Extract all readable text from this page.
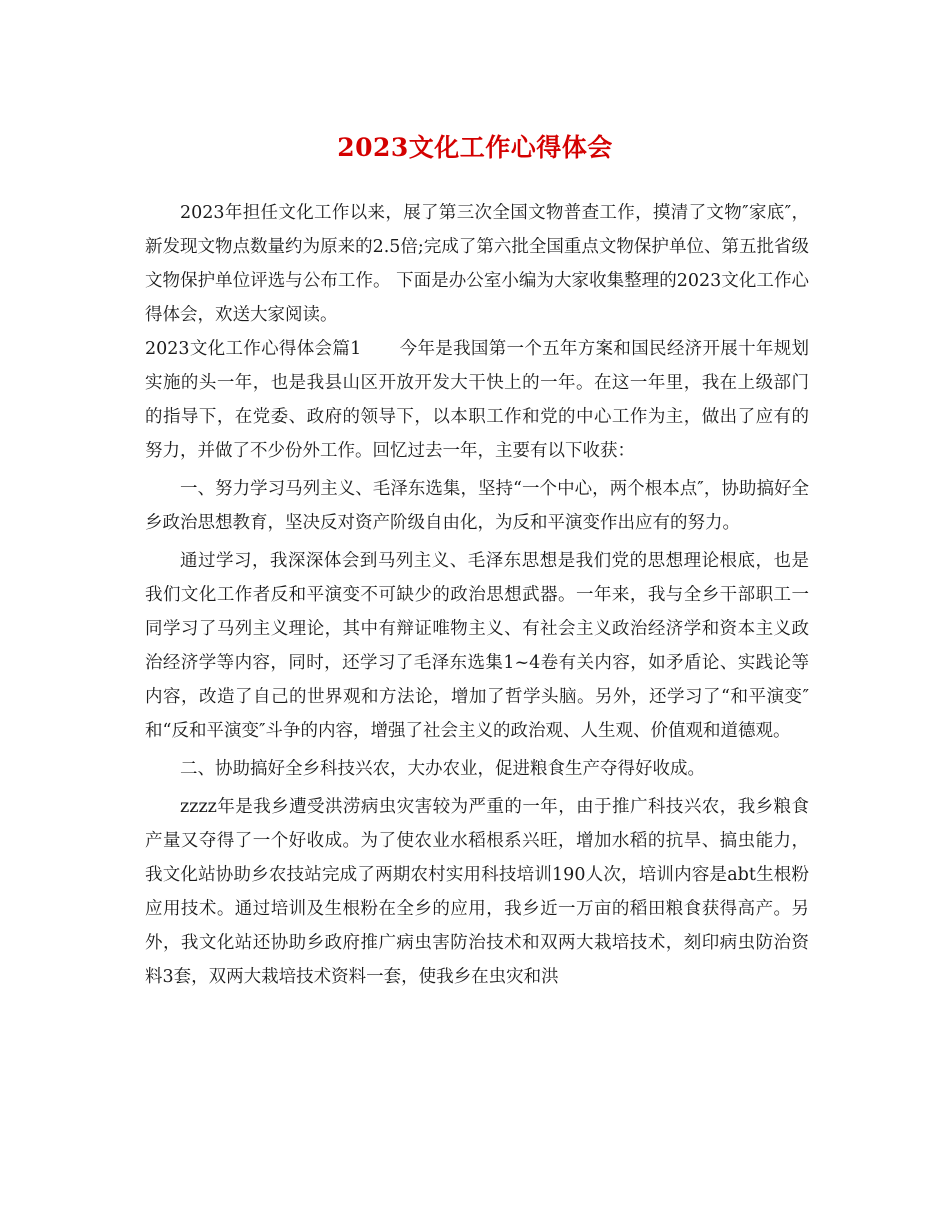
2023文化工作心得体会

2023年担任文化工作以来，展了第三次全国文物普查工作，摸清了文物″家底″，新发现文物点数量约为原来的2.5倍;完成了第六批全国重点文物保护单位、第五批省级文物保护单位评选与公布工作。 下面是办公室小编为大家收集整理的2023文化工作心得体会，欢送大家阅读。

2023文化工作心得体会篇1 今年是我国第一个五年方案和国民经济开展十年规划实施的头一年，也是我县山区开放开发大干快上的一年。在这一年里，我在上级部门的指导下，在党委、政府的领导下，以本职工作和党的中心工作为主，做出了应有的努力，并做了不少份外工作。回忆过去一年，主要有以下收获：

一、努力学习马列主义、毛泽东选集，坚持“一个中心，两个根本点″，协助搞好全乡政治思想教育，坚决反对资产阶级自由化，为反和平演变作出应有的努力。

通过学习，我深深体会到马列主义、毛泽东思想是我们党的思想理论根底，也是我们文化工作者反和平演变不可缺少的政治思想武器。一年来，我与全乡干部职工一同学习了马列主义理论，其中有辩证唯物主义、有社会主义政治经济学和资本主义政治经济学等内容，同时，还学习了毛泽东选集1~4卷有关内容，如矛盾论、实践论等内容，改造了自己的世界观和方法论，增加了哲学头脑。另外，还学习了“和平演变″和“反和平演变″斗争的内容，增强了社会主义的政治观、人生观、价值观和道德观。

二、协助搞好全乡科技兴农，大办农业，促进粮食生产夺得好收成。

zzzz年是我乡遭受洪涝病虫灾害较为严重的一年，由于推广科技兴农，我乡粮食产量又夺得了一个好收成。为了使农业水稻根系兴旺，增加水稻的抗旱、搞虫能力，我文化站协助乡农技站完成了两期农村实用科技培训190人次，培训内容是abt生根粉应用技术。通过培训及生根粉在全乡的应用，我乡近一万亩的稻田粮食获得高产。另外，我文化站还协助乡政府推广病虫害防治技术和双两大栽培技术，刻印病虫防治资料3套，双两大栽培技术资料一套，使我乡在虫灾和洪
